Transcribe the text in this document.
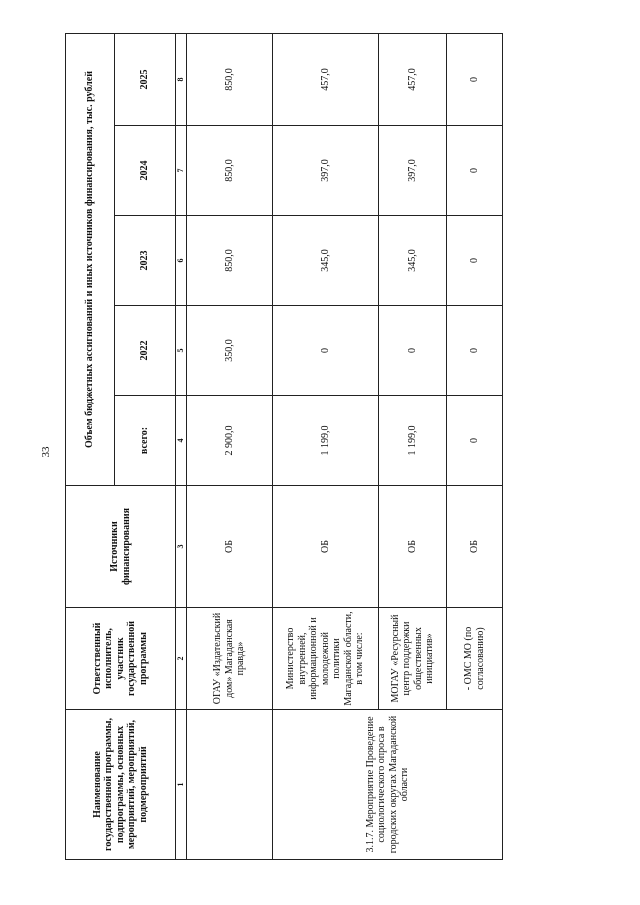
33
Наименование государственной программы, подпрограммы, основных мероприятий, мероприятий, подмероприятий	Ответственный исполнитель, участник государственной программы	Источники финансирования	Объем бюджетных ассигнований и иных источников финансирования, тыс. рублей				
			всего:	2022	2023	2024	2025
1	2	3	4	5	6	7	8
	ОГАУ «Издательский дом» Магаданская правда»	ОБ	2 900,0	350,0	850,0	850,0	850,0
3.1.7. Мероприятие Проведение социологического опроса в городских округах Магаданской области	Министерство внутренней, информационной и молодежной политики Магаданской области, в том числе:	ОБ	1 199,0	0	345,0	397,0	457,0
	МОГАУ «Ресурсный центр поддержки общественных инициатив»	ОБ	1 199,0	0	345,0	397,0	457,0
	- ОМС МО (по согласованию)	ОБ	0	0	0	0	0
